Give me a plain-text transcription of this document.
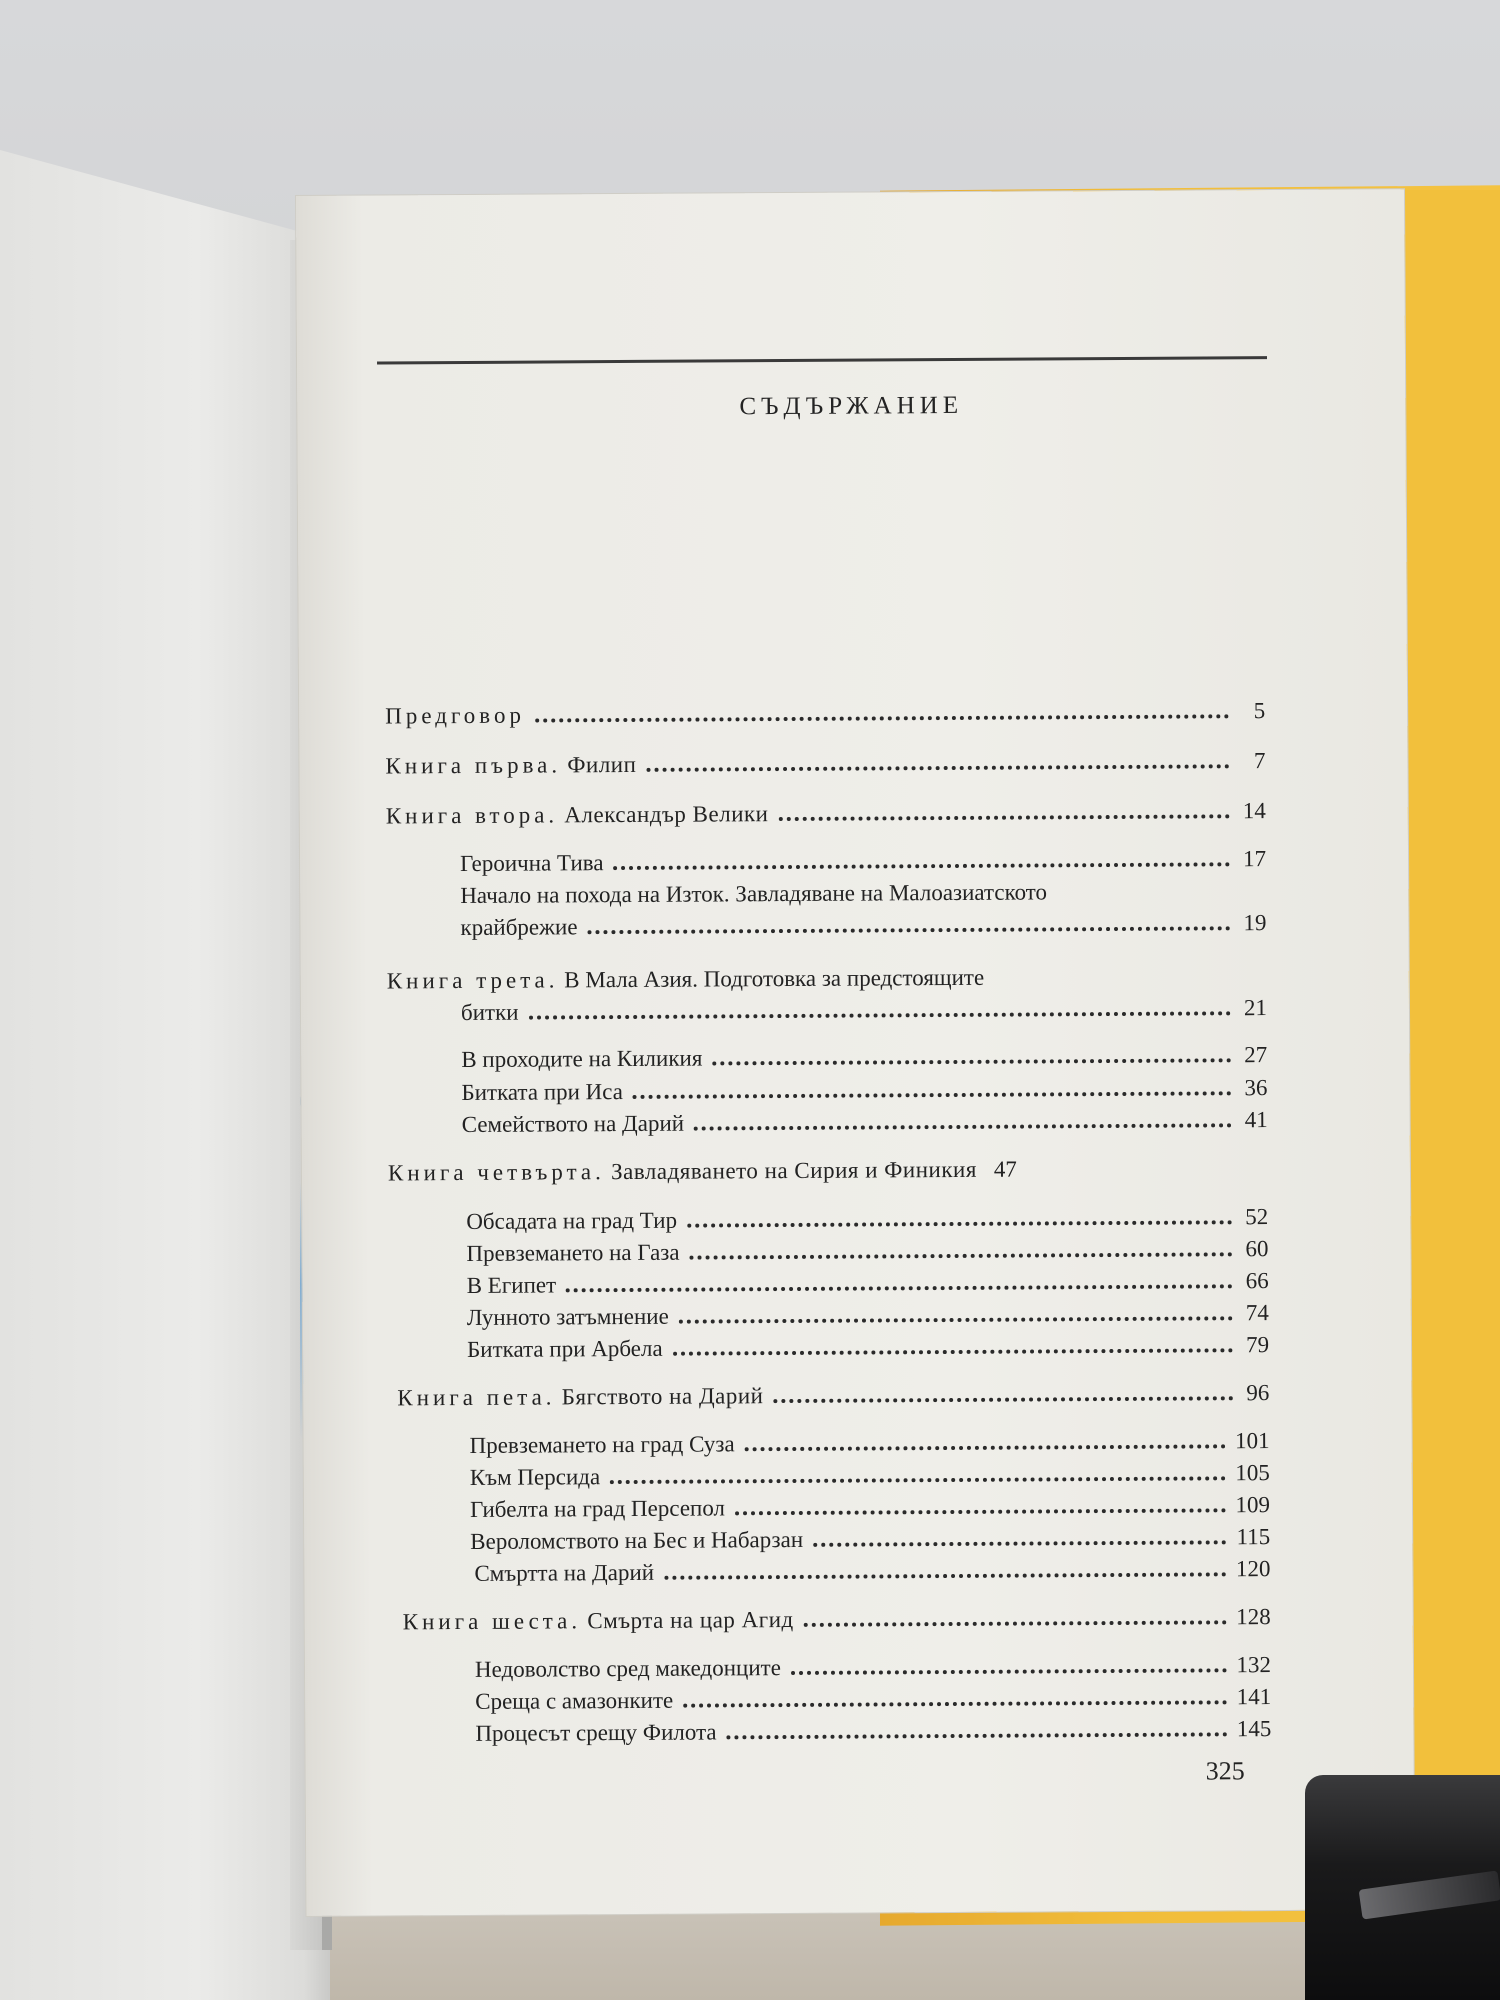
СЪДЪРЖАНИЕ
Предговор	5
Книга първа. Филип	7
Книга втора. Александър Велики	14
Героична Тива	17
Начало на похода на Изток. Завладяване на Малоазиатското
крайбрежие	19
Книга трета. В Мала Азия. Подготовка за предстоящите
битки	21
В проходите на Киликия	27
Битката при Иса	36
Семейството на Дарий	41
Книга четвърта. Завладяването на Сирия и Финикия 47
Обсадата на град Тир	52
Превземането на Газа	60
В Египет	66
Лунното затъмнение	74
Битката при Арбела	79
Книга пета. Бягството на Дарий	96
Превземането на град Суза	101
Към Персида	105
Гибелта на град Персепол	109
Вероломството на Бес и Набарзан	115
Смъртта на Дарий	120
Книга шеста. Смърта на цар Агид	128
Недоволство сред македонците	132
Среща с амазонките	141
Процесът срещу Филота	145
325
